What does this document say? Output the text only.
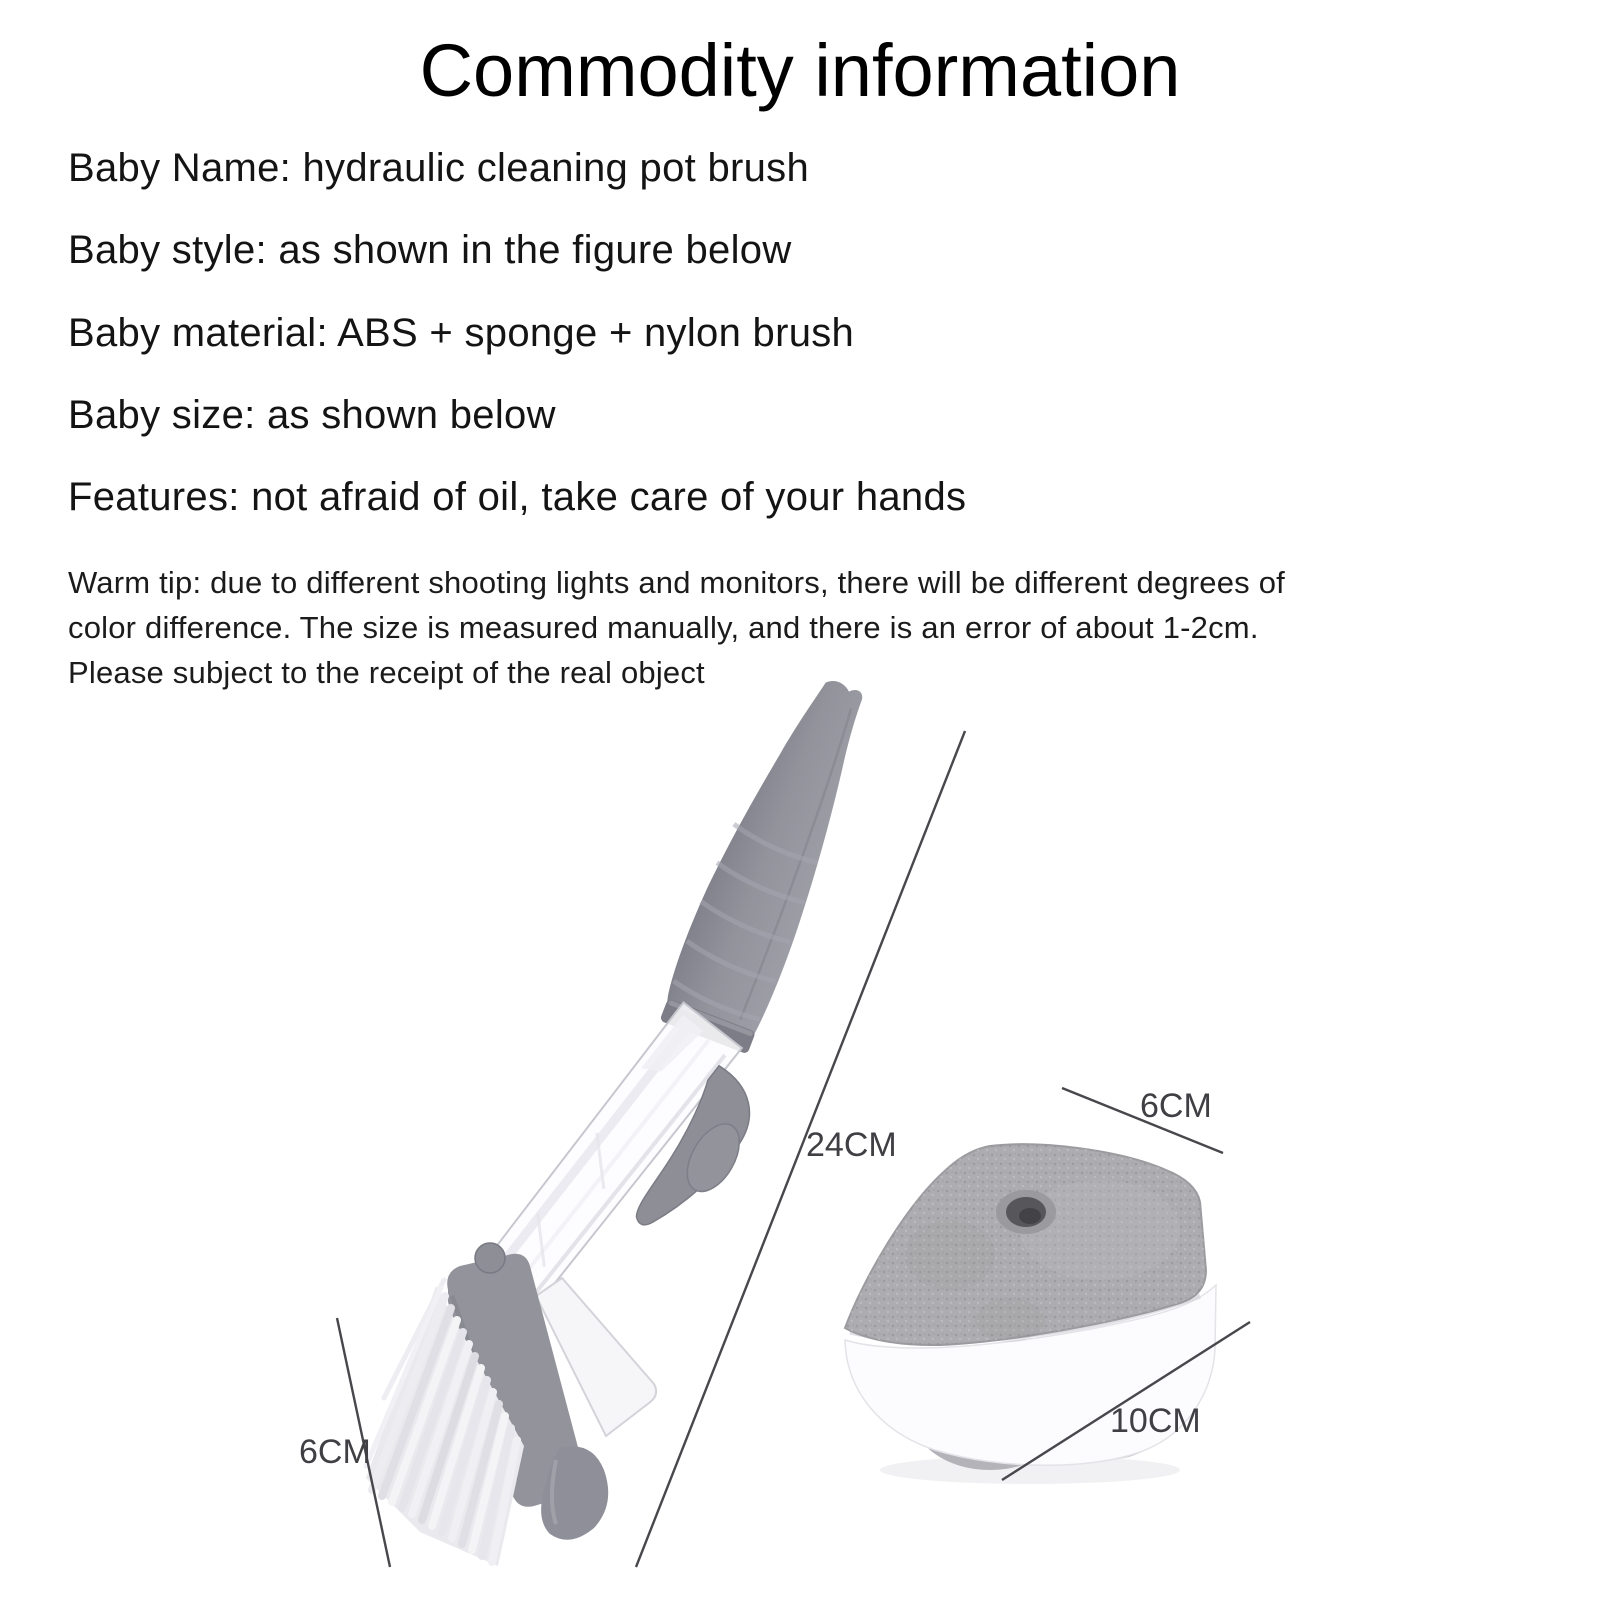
Commodity information
Baby Name: hydraulic cleaning pot brush
Baby style: as shown in the figure below
Baby material: ABS + sponge + nylon brush
Baby size: as shown below
Features: not afraid of oil, take care of your hands
Warm tip: due to different shooting lights and monitors, there will be different degrees of
color difference. The size is measured manually, and there is an error of about 1-2cm.
Please subject to the receipt of the real object
24CM
6CM
6CM
10CM
